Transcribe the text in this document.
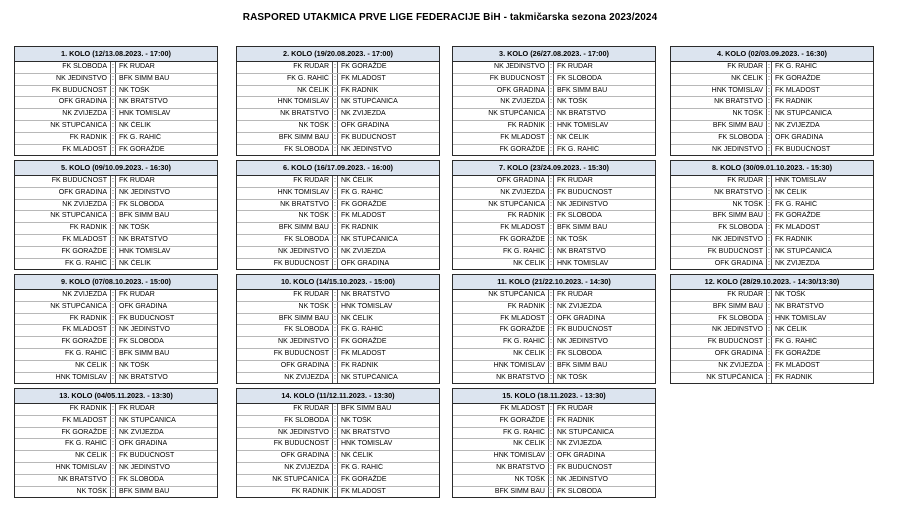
RASPORED UTAKMICA PRVE LIGE FEDERACIJE BiH - takmičarska sezona 2023/2024
1. KOLO (12/13.08.2023. - 17:00)
FK SLOBODA : FK RUDAR
NK JEDINSTVO : BFK SIMM BAU
FK BUDUĆNOST : NK TOŠK
OFK GRADINA : NK BRATSTVO
NK ZVIJEZDA : HNK TOMISLAV
NK STUPČANICA : NK ČELIK
FK RADNIK : FK G. RAHIĆ
FK MLADOST : FK GORAŽDE
2. KOLO (19/20.08.2023. - 17:00)
FK RUDAR : FK GORAŽDE
FK G. RAHIĆ : FK MLADOST
NK ČELIK : FK RADNIK
HNK TOMISLAV : NK STUPČANICA
NK BRATSTVO : NK ZVIJEZDA
NK TOŠK : OFK GRADINA
BFK SIMM BAU : FK BUDUĆNOST
FK SLOBODA : NK JEDINSTVO
3. KOLO (26/27.08.2023. - 17:00)
NK JEDINSTVO : FK RUDAR
FK BUDUĆNOST : FK SLOBODA
OFK GRADINA : BFK SIMM BAU
NK ZVIJEZDA : NK TOŠK
NK STUPČANICA : NK BRATSTVO
FK RADNIK : HNK TOMISLAV
FK MLADOST : NK ČELIK
FK GORAŽDE : FK G. RAHIĆ
4. KOLO (02/03.09.2023. - 16:30)
FK RUDAR : FK G. RAHIĆ
NK ČELIK : FK GORAŽDE
HNK TOMISLAV : FK MLADOST
NK BRATSTVO : FK RADNIK
NK TOŠK : NK STUPČANICA
BFK SIMM BAU : NK ZVIJEZDA
FK SLOBODA : OFK GRADINA
NK JEDINSTVO : FK BUDUĆNOST
5. KOLO (09/10.09.2023. - 16:30)
FK BUDUĆNOST : FK RUDAR
OFK GRADINA : NK JEDINSTVO
NK ZVIJEZDA : FK SLOBODA
NK STUPČANICA : BFK SIMM BAU
FK RADNIK : NK TOŠK
FK MLADOST : NK BRATSTVO
FK GORAŽDE : HNK TOMISLAV
FK G. RAHIĆ : NK ČELIK
6. KOLO (16/17.09.2023. - 16:00)
FK RUDAR : NK ČELIK
HNK TOMISLAV : FK G. RAHIĆ
NK BRATSTVO : FK GORAŽDE
NK TOŠK : FK MLADOST
BFK SIMM BAU : FK RADNIK
FK SLOBODA : NK STUPČANICA
NK JEDINSTVO : NK ZVIJEZDA
FK BUDUĆNOST : OFK GRADINA
7. KOLO (23/24.09.2023. - 15:30)
OFK GRADINA : FK RUDAR
NK ZVIJEZDA : FK BUDUĆNOST
NK STUPČANICA : NK JEDINSTVO
FK RADNIK : FK SLOBODA
FK MLADOST : BFK SIMM BAU
FK GORAŽDE : NK TOŠK
FK G. RAHIĆ : NK BRATSTVO
NK ČELIK : HNK TOMISLAV
8. KOLO (30/09.01.10.2023. - 15:30)
FK RUDAR : HNK TOMISLAV
NK BRATSTVO : NK ČELIK
NK TOŠK : FK G. RAHIĆ
BFK SIMM BAU : FK GORAŽDE
FK SLOBODA : FK MLADOST
NK JEDINSTVO : FK RADNIK
FK BUDUĆNOST : NK STUPČANICA
OFK GRADINA : NK ZVIJEZDA
9. KOLO (07/08.10.2023. - 15:00)
NK ZVIJEZDA : FK RUDAR
NK STUPČANICA : OFK GRADINA
FK RADNIK : FK BUDUĆNOST
FK MLADOST : NK JEDINSTVO
FK GORAŽDE : FK SLOBODA
FK G. RAHIĆ : BFK SIMM BAU
NK ČELIK : NK TOŠK
HNK TOMISLAV : NK BRATSTVO
10. KOLO (14/15.10.2023. - 15:00)
FK RUDAR : NK BRATSTVO
NK TOŠK : HNK TOMISLAV
BFK SIMM BAU : NK ČELIK
FK SLOBODA : FK G. RAHIĆ
NK JEDINSTVO : FK GORAŽDE
FK BUDUĆNOST : FK MLADOST
OFK GRADINA : FK RADNIK
NK ZVIJEZDA : NK STUPČANICA
11. KOLO (21/22.10.2023. - 14:30)
NK STUPČANICA : FK RUDAR
FK RADNIK : NK ZVIJEZDA
FK MLADOST : OFK GRADINA
FK GORAŽDE : FK BUDUĆNOST
FK G. RAHIĆ : NK JEDINSTVO
NK ČELIK : FK SLOBODA
HNK TOMISLAV : BFK SIMM BAU
NK BRATSTVO : NK TOŠK
12. KOLO (28/29.10.2023. - 14:30/13:30)
FK RUDAR : NK TOŠK
BFK SIMM BAU : NK BRATSTVO
FK SLOBODA : HNK TOMISLAV
NK JEDINSTVO : NK ČELIK
FK BUDUĆNOST : FK G. RAHIĆ
OFK GRADINA : FK GORAŽDE
NK ZVIJEZDA : FK MLADOST
NK STUPČANICA : FK RADNIK
13. KOLO (04/05.11.2023. - 13:30)
FK RADNIK : FK RUDAR
FK MLADOST : NK STUPČANICA
FK GORAŽDE : NK ZVIJEZDA
FK G. RAHIĆ : OFK GRADINA
NK ČELIK : FK BUDUĆNOST
HNK TOMISLAV : NK JEDINSTVO
NK BRATSTVO : FK SLOBODA
NK TOŠK : BFK SIMM BAU
14. KOLO (11/12.11.2023. - 13:30)
FK RUDAR : BFK SIMM BAU
FK SLOBODA : NK TOŠK
NK JEDINSTVO : NK BRATSTVO
FK BUDUĆNOST : HNK TOMISLAV
OFK GRADINA : NK ČELIK
NK ZVIJEZDA : FK G. RAHIĆ
NK STUPČANICA : FK GORAŽDE
FK RADNIK : FK MLADOST
15. KOLO (18.11.2023. - 13:30)
FK MLADOST : FK RUDAR
FK GORAŽDE : FK RADNIK
FK G. RAHIĆ : NK STUPČANICA
NK ČELIK : NK ZVIJEZDA
HNK TOMISLAV : OFK GRADINA
NK BRATSTVO : FK BUDUĆNOST
NK TOŠK : NK JEDINSTVO
BFK SIMM BAU : FK SLOBODA
